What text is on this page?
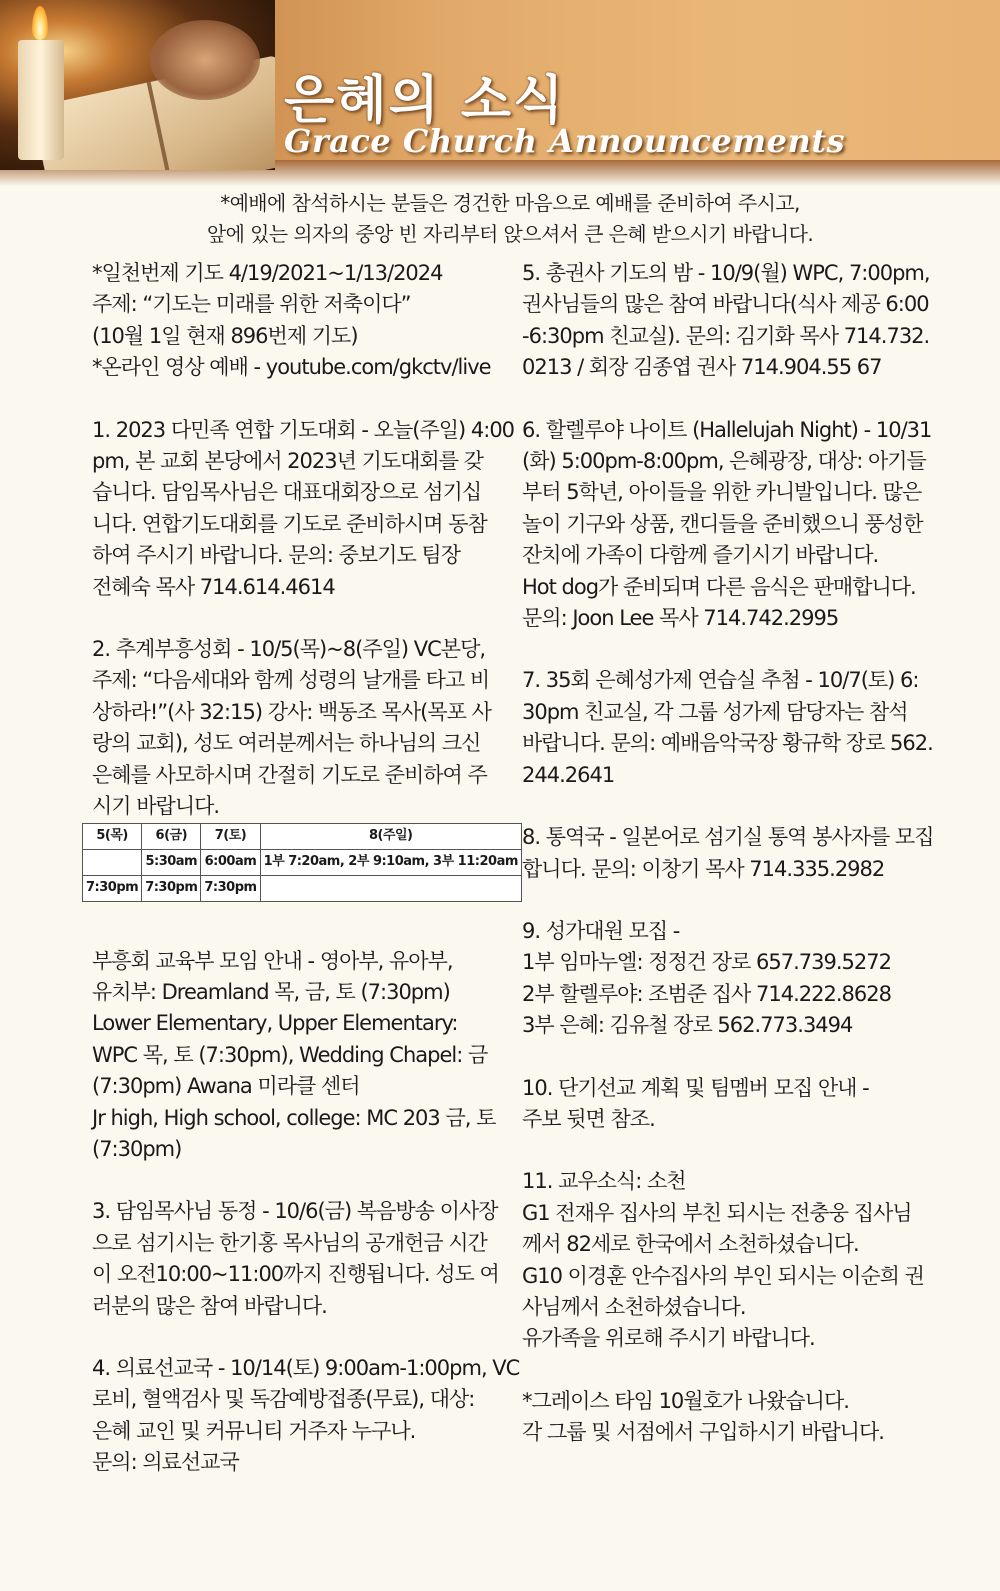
은혜의 소식
Grace Church Announcements
*예배에 참석하시는 분들은 경건한 마음으로 예배를 준비하여 주시고,
앞에 있는 의자의 중앙 빈 자리부터 앉으셔서 큰 은혜 받으시기 바랍니다.
*일천번제 기도 4/19/2021~1/13/2024
주제: “기도는 미래를 위한 저축이다”
(10월 1일 현재 896번제 기도)
*온라인 영상 예배 - youtube.com/gkctv/live
1. 2023 다민족 연합 기도대회 - 오늘(주일) 4:00
pm, 본 교회 본당에서 2023년 기도대회를 갖
습니다. 담임목사님은 대표대회장으로 섬기십
니다. 연합기도대회를 기도로 준비하시며 동참
하여 주시기 바랍니다. 문의: 중보기도 팀장
전혜숙 목사 714.614.4614
2. 추계부흥성회 - 10/5(목)~8(주일) VC본당,
주제: “다음세대와 함께 성령의 날개를 타고 비
상하라!”(사 32:15) 강사: 백동조 목사(목포 사
랑의 교회), 성도 여러분께서는 하나님의 크신
은혜를 사모하시며 간절히 기도로 준비하여 주
시기 바랍니다.
5(목)	6(금)	7(토)	8(주일)
	5:30am	6:00am	1부 7:20am, 2부 9:10am, 3부 11:20am
7:30pm	7:30pm	7:30pm	
부흥회 교육부 모임 안내 - 영아부, 유아부,
유치부: Dreamland 목, 금, 토 (7:30pm)
Lower Elementary, Upper Elementary:
WPC 목, 토 (7:30pm), Wedding Chapel: 금
(7:30pm) Awana 미라클 센터
Jr high, High school, college: MC 203 금, 토
(7:30pm)
3. 담임목사님 동정 - 10/6(금) 복음방송 이사장
으로 섬기시는 한기홍 목사님의 공개헌금 시간
이 오전10:00~11:00까지 진행됩니다. 성도 여
러분의 많은 참여 바랍니다.
4. 의료선교국 - 10/14(토) 9:00am-1:00pm, VC
로비, 혈액검사 및 독감예방접종(무료), 대상:
은혜 교인 및 커뮤니티 거주자 누구나.
문의: 의료선교국
5. 총권사 기도의 밤 - 10/9(월) WPC, 7:00pm,
권사님들의 많은 참여 바랍니다(식사 제공 6:00
-6:30pm 친교실). 문의: 김기화 목사 714.732.
0213 / 회장 김종엽 권사 714.904.55 67
6. 할렐루야 나이트 (Hallelujah Night) - 10/31
(화) 5:00pm-8:00pm, 은혜광장, 대상: 아기들
부터 5학년, 아이들을 위한 카니발입니다. 많은
놀이 기구와 상품, 캔디들을 준비했으니 풍성한
잔치에 가족이 다함께 즐기시기 바랍니다.
Hot dog가 준비되며 다른 음식은 판매합니다.
문의: Joon Lee 목사 714.742.2995
7. 35회 은혜성가제 연습실 추첨 - 10/7(토) 6:
30pm 친교실, 각 그룹 성가제 담당자는 참석
바랍니다. 문의: 예배음악국장 황규학 장로 562.
244.2641
8. 통역국 - 일본어로 섬기실 통역 봉사자를 모집
합니다. 문의: 이창기 목사 714.335.2982
9. 성가대원 모집 -
1부 임마누엘: 정정건 장로 657.739.5272
2부 할렐루야: 조범준 집사 714.222.8628
3부 은혜: 김유철 장로 562.773.3494
10. 단기선교 계획 및 팀멤버 모집 안내 -
주보 뒷면 참조.
11. 교우소식: 소천
G1 전재우 집사의 부친 되시는 전충웅 집사님
께서 82세로 한국에서 소천하셨습니다.
G10 이경훈 안수집사의 부인 되시는 이순희 권
사님께서 소천하셨습니다.
유가족을 위로해 주시기 바랍니다.
*그레이스 타임 10월호가 나왔습니다.
각 그룹 및 서점에서 구입하시기 바랍니다.
